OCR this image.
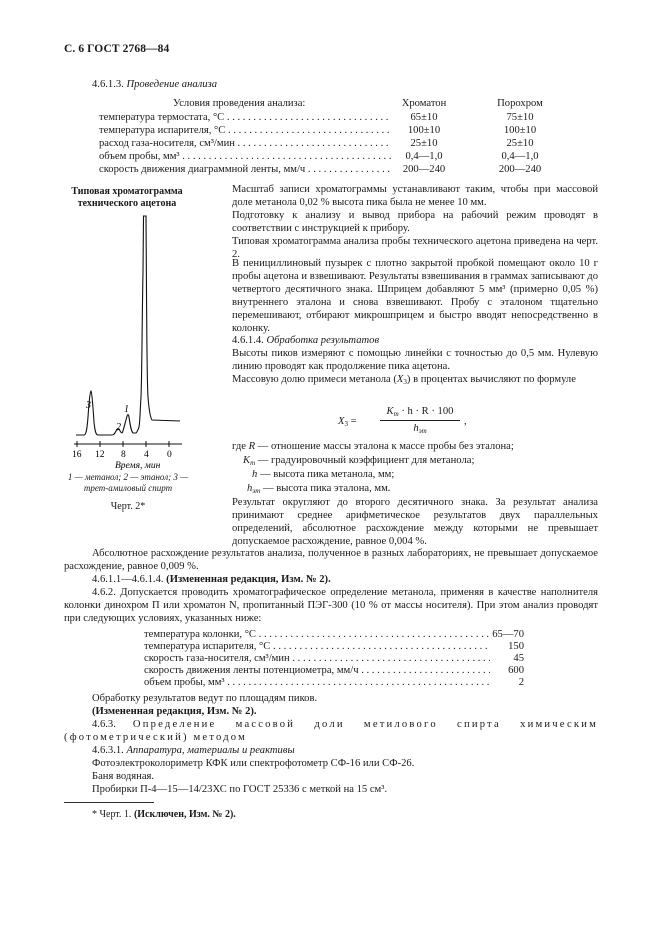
С. 6 ГОСТ 2768—84
4.6.1.3. Проведение анализа
Условия проведения анализа:	Хроматон	Порохром
температура термостата, °С . . .	65±10	75±10
температура испарителя, °С . . .	100±10	100±10
расход газа-носителя, см³/мин . . .	25±10	25±10
объем пробы, мм³ . . .	0,4—1,0	0,4—1,0
скорость движения диаграммной ленты, мм/ч . . .	200—240	200—240
Типовая хроматограмма
технического ацетона
3
2
1
16 12 8 4 0
Время, мин
1 — метанол; 2 — этанол; 3 —
трет-амиловый спирт
Черт. 2*
Масштаб записи хроматограммы устанавливают таким, чтобы при массовой доле метанола 0,02 % высота пика была не менее 10 мм.
Подготовку к анализу и вывод прибора на рабочий режим проводят в соответствии с инструкцией к прибору.
Типовая хроматограмма анализа пробы технического ацетона приведена на черт. 2.
В пенициллиновый пузырек с плотно закрытой пробкой помещают около 10 г пробы ацетона и взвешивают. Результаты взвешивания в граммах записывают до четвертого десятичного знака. Шприцем добавляют 5 мм³ (примерно 0,05 %) внутреннего эталона и снова взвешивают. Пробу с эталоном тщательно перемешивают, отбирают микрошприцем и быстро вводят непосредственно в колонку.
4.6.1.4. Обработка результатов
Высоты пиков измеряют с помощью линейки с точностью до 0,5 мм. Нулевую линию проводят как продолжение пика ацетона.
Массовую долю примеси метанола $(X_3)$ в процентах вычисляют по формуле
$X_3$ =
$K_m \cdot h \cdot R \cdot 100$
$h_{эт}$
,
где R — отношение массы эталона к массе пробы без эталона;
$K_m$ — градуировочный коэффициент для метанола;
h — высота пика метанола, мм;
$h_{эт}$ — высота пика эталона, мм.
Результат округляют до второго десятичного знака. За результат анализа принимают среднее арифметическое результатов двух параллельных определений, абсолютное расхождение между которыми не превышает допускаемое расхождение, равное 0,004 %.
Абсолютное расхождение результатов анализа, полученное в разных лабораториях, не превышает допускаемое расхождение, равное 0,009 %.
4.6.1.1—4.6.1.4. (Измененная редакция, Изм. № 2).
4.6.2. Допускается проводить хроматографическое определение метанола, применяя в качестве наполнителя колонки динохром П или хроматон N, пропитанный ПЭГ-300 (10 % от массы носителя). При этом анализ проводят при следующих условиях, указанных ниже:
температура колонки, °С . . .	65—70
температура испарителя, °С . . .	150
скорость газа-носителя, см³/мин . . .	45
скорость движения ленты потенциометра, мм/ч . . .	600
объем пробы, мм³ . . .	2
Обработку результатов ведут по площадям пиков.
(Измененная редакция, Изм. № 2).
4.6.3. Определение массовой доли метилового спирта химическим (фотометрический) методом
4.6.3.1. Аппаратура, материалы и реактивы
Фотоэлектроколориметр КФК или спектрофотометр СФ-16 или СФ-26.
Баня водяная.
Пробирки П-4—15—14/23ХС по ГОСТ 25336 с меткой на 15 см³.
* Черт. 1. (Исключен, Изм. № 2).
